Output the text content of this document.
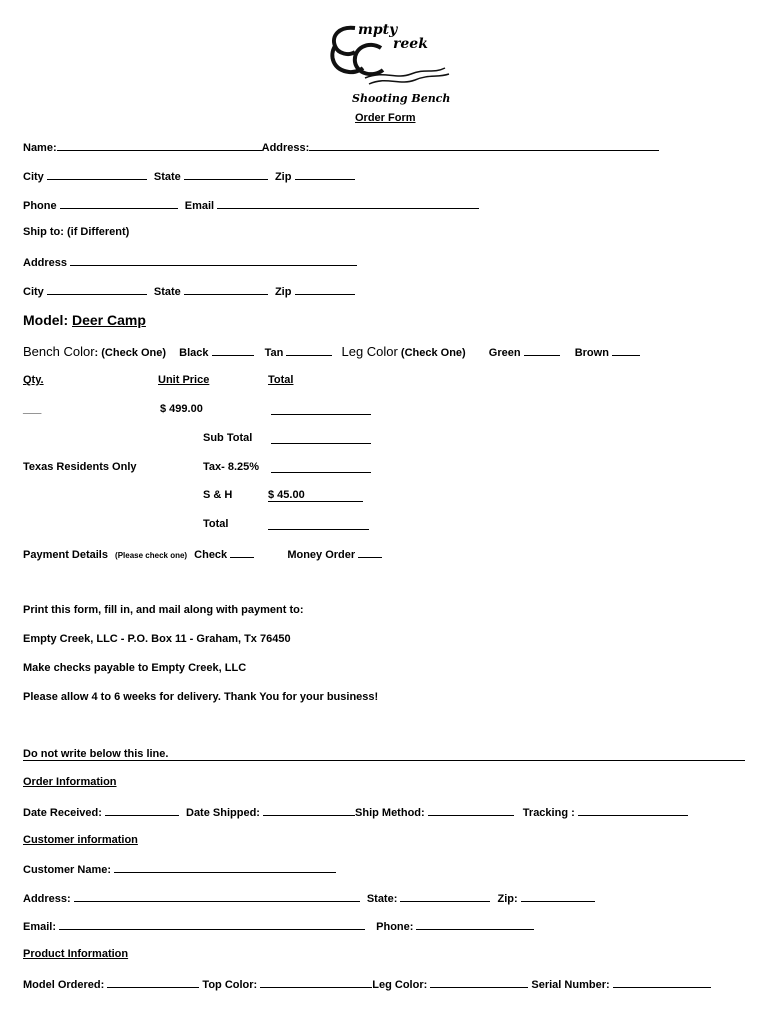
mpty
reek
Shooting Bench
Order Form
Name:	Address:
City	State	Zip
Phone	Email
Ship to: (if Different)
Address
City	State	Zip
Model: Deer Camp
Bench Color: (Check One) Black	Tan	Leg Color (Check One) Green	Brown
Qty.	Unit Price	Total
___	$ 499.00
Sub Total
Texas Residents Only	Tax- 8.25%
S & H	$ 45.00
Total
Payment Details (Please check one) Check	Money Order
Print this form, fill in, and mail along with payment to:
Empty Creek, LLC - P.O. Box 11 - Graham, Tx 76450
Make checks payable to Empty Creek, LLC
Please allow 4 to 6 weeks for delivery. Thank You for your business!
Do not write below this line.
Order Information
Date Received:	Date Shipped:	Ship Method:	Tracking :
Customer information
Customer Name:
Address:	State:	Zip:
Email:	Phone:
Product Information
Model Ordered:	Top Color:	Leg Color:	Serial Number:
